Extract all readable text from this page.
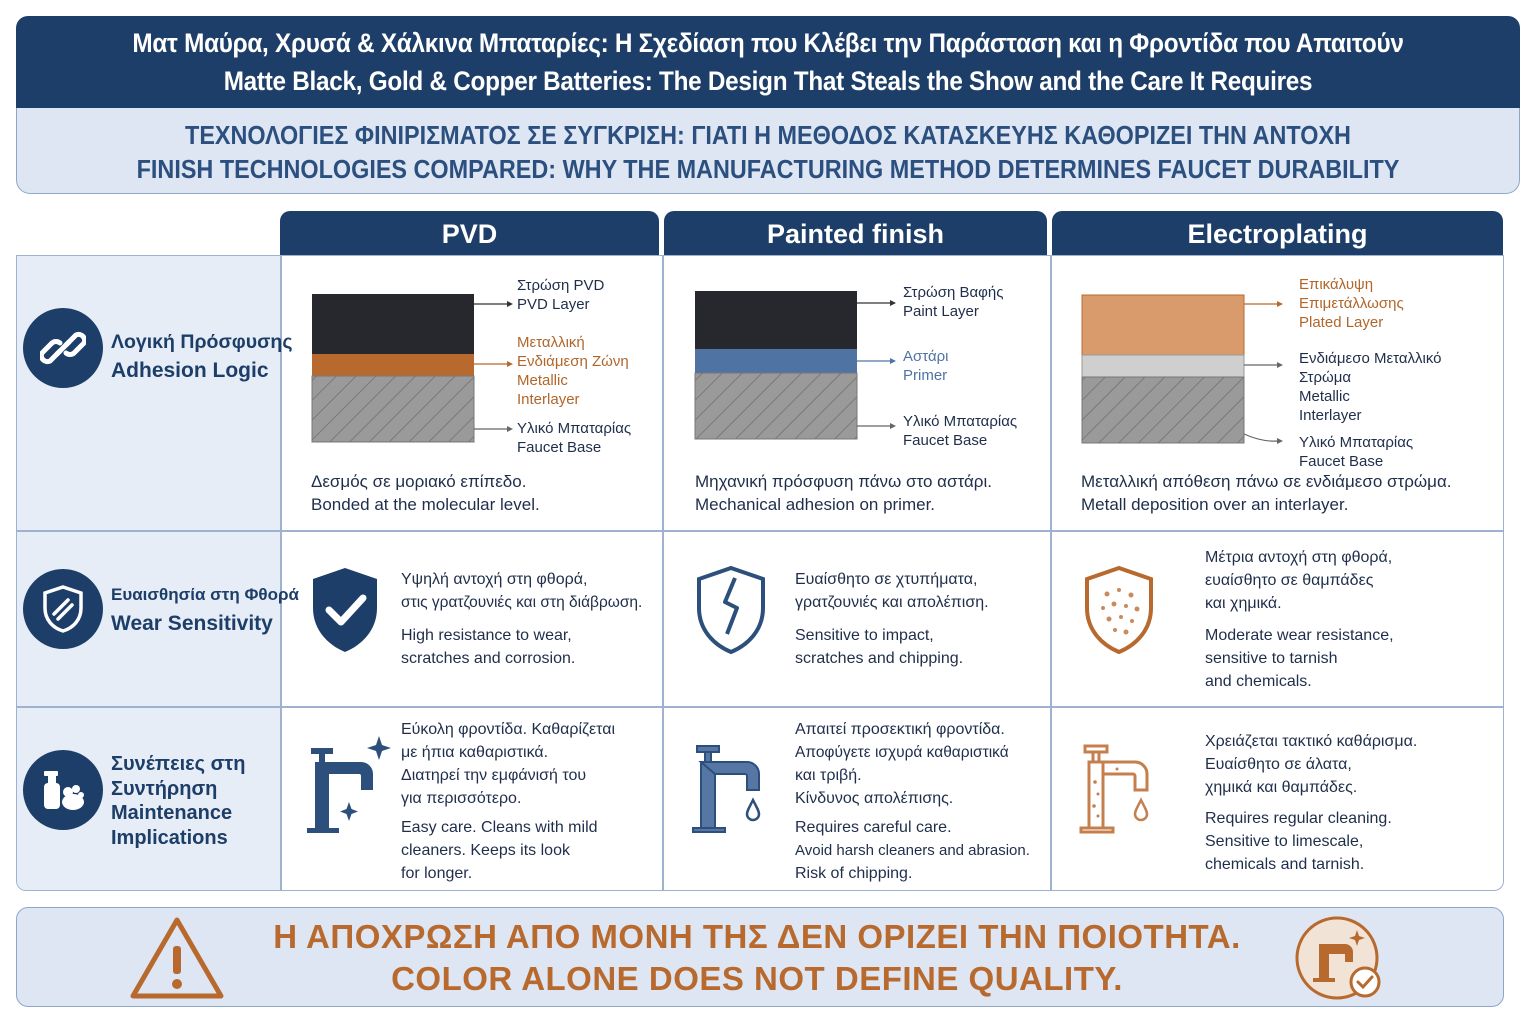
Ματ Μαύρα, Χρυσά & Χάλκινα Μπαταρίες: Η Σχεδίαση που Κλέβει την Παράσταση και η Φροντίδα που Απαιτούν
Matte Black, Gold & Copper Batteries: The Design That Steals the Show and the Care It Requires
ΤΕΧΝΟΛΟΓΙΕΣ ΦΙΝΙΡΙΣΜΑΤΟΣ ΣΕ ΣΥΓΚΡΙΣΗ: ΓΙΑΤΙ Η ΜΕΘΟΔΟΣ ΚΑΤΑΣΚΕΥΗΣ ΚΑΘΟΡΙΖΕΙ ΤΗΝ ΑΝΤΟΧΗ
FINISH TECHNOLOGIES COMPARED: WHY THE MANUFACTURING METHOD DETERMINES FAUCET DURABILITY
PVD	Painted finish	Electroplating
Λογική Πρόσφυσης
Adhesion Logic
Ευαισθησία στη Φθορά
Wear Sensitivity
Συνέπειες στη
Συντήρηση
Maintenance
Implications
Στρώση PVD
PVD Layer
Μεταλλική
Ενδιάμεση Ζώνη
Metallic
Interlayer
Υλικό Μπαταρίας
Faucet Base
Δεσμός σε μοριακό επίπεδο.
Bonded at the molecular level.
Στρώση Βαφής
Paint Layer
Αστάρι
Primer
Υλικό Μπαταρίας
Faucet Base
Μηχανική πρόσφυση πάνω στο αστάρι.
Mechanical adhesion on primer.
Επικάλυψη
Επιμετάλλωσης
Plated Layer
Ενδιάμεσο Μεταλλικό
Στρώμα
Metallic
Interlayer
Υλικό Μπαταρίας
Faucet Base
Μεταλλική απόθεση πάνω σε ενδιάμεσο στρώμα.
Metall deposition over an interlayer.
Υψηλή αντοχή στη φθορά,
στις γρατζουνιές και στη διάβρωση.
High resistance to wear,
scratches and corrosion.
Ευαίσθητο σε χτυπήματα,
γρατζουνιές και απολέπιση.
Sensitive to impact,
scratches and chipping.
Μέτρια αντοχή στη φθορά,
ευαίσθητο σε θαμπάδες
και χημικά.
Moderate wear resistance,
sensitive to tarnish
and chemicals.
Εύκολη φροντίδα. Καθαρίζεται
με ήπια καθαριστικά.
Διατηρεί την εμφάνισή του
για περισσότερο.
Easy care. Cleans with mild
cleaners. Keeps its look
for longer.
Απαιτεί προσεκτική φροντίδα.
Αποφύγετε ισχυρά καθαριστικά
και τριβή.
Κίνδυνος απολέπισης.
Requires careful care.
Avoid harsh cleaners and abrasion.
Risk of chipping.
Χρειάζεται τακτικό καθάρισμα.
Ευαίσθητο σε άλατα,
χημικά και θαμπάδες.
Requires regular cleaning.
Sensitive to limescale,
chemicals and tarnish.
Η ΑΠΟΧΡΩΣΗ ΑΠΟ ΜΟΝΗ ΤΗΣ ΔΕΝ ΟΡΙΖΕΙ ΤΗΝ ΠΟΙΟΤΗΤΑ.
COLOR ALONE DOES NOT DEFINE QUALITY.
